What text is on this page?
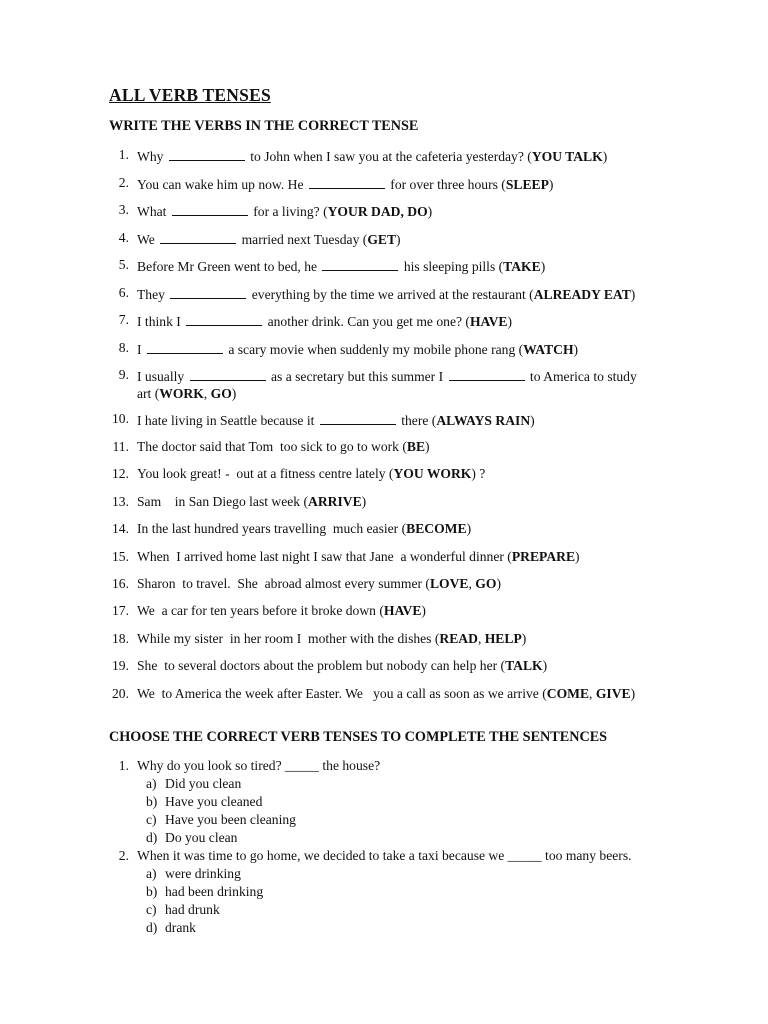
ALL VERB TENSES
WRITE THE VERBS IN THE CORRECT TENSE
1. Why	to John when I saw you at the cafeteria yesterday? (YOU TALK)
2. You can wake him up now. He	for over three hours (SLEEP)
3. What	for a living? (YOUR DAD, DO)
4. We	married next Tuesday (GET)
5. Before Mr Green went to bed, he	his sleeping pills (TAKE)
6. They	everything by the time we arrived at the restaurant (ALREADY EAT)
7. I think I	another drink. Can you get me one? (HAVE)
8. I	a scary movie when suddenly my mobile phone rang (WATCH)
9. I usually	as a secretary but this summer I	to America to study
art (WORK, GO)
10. I hate living in Seattle because it	there (ALWAYS RAIN)
11. The doctor said that Tom  too sick to go to work (BE)
12. You look great! -  out at a fitness centre lately (YOU WORK) ?
13. Sam    in San Diego last week (ARRIVE)
14. In the last hundred years travelling  much easier (BECOME)
15. When  I arrived home last night I saw that Jane  a wonderful dinner (PREPARE)
16. Sharon  to travel.  She  abroad almost every summer (LOVE, GO)
17. We  a car for ten years before it broke down (HAVE)
18. While my sister  in her room I  mother with the dishes (READ, HELP)
19. She  to several doctors about the problem but nobody can help her (TALK)
20. We  to America the week after Easter. We   you a call as soon as we arrive (COME, GIVE)
CHOOSE THE CORRECT VERB TENSES TO COMPLETE THE SENTENCES
1. Why do you look so tired? _____ the house?
a) Did you clean
b) Have you cleaned
c) Have you been cleaning
d) Do you clean
2. When it was time to go home, we decided to take a taxi because we _____ too many beers.
a) were drinking
b) had been drinking
c) had drunk
d) drank
